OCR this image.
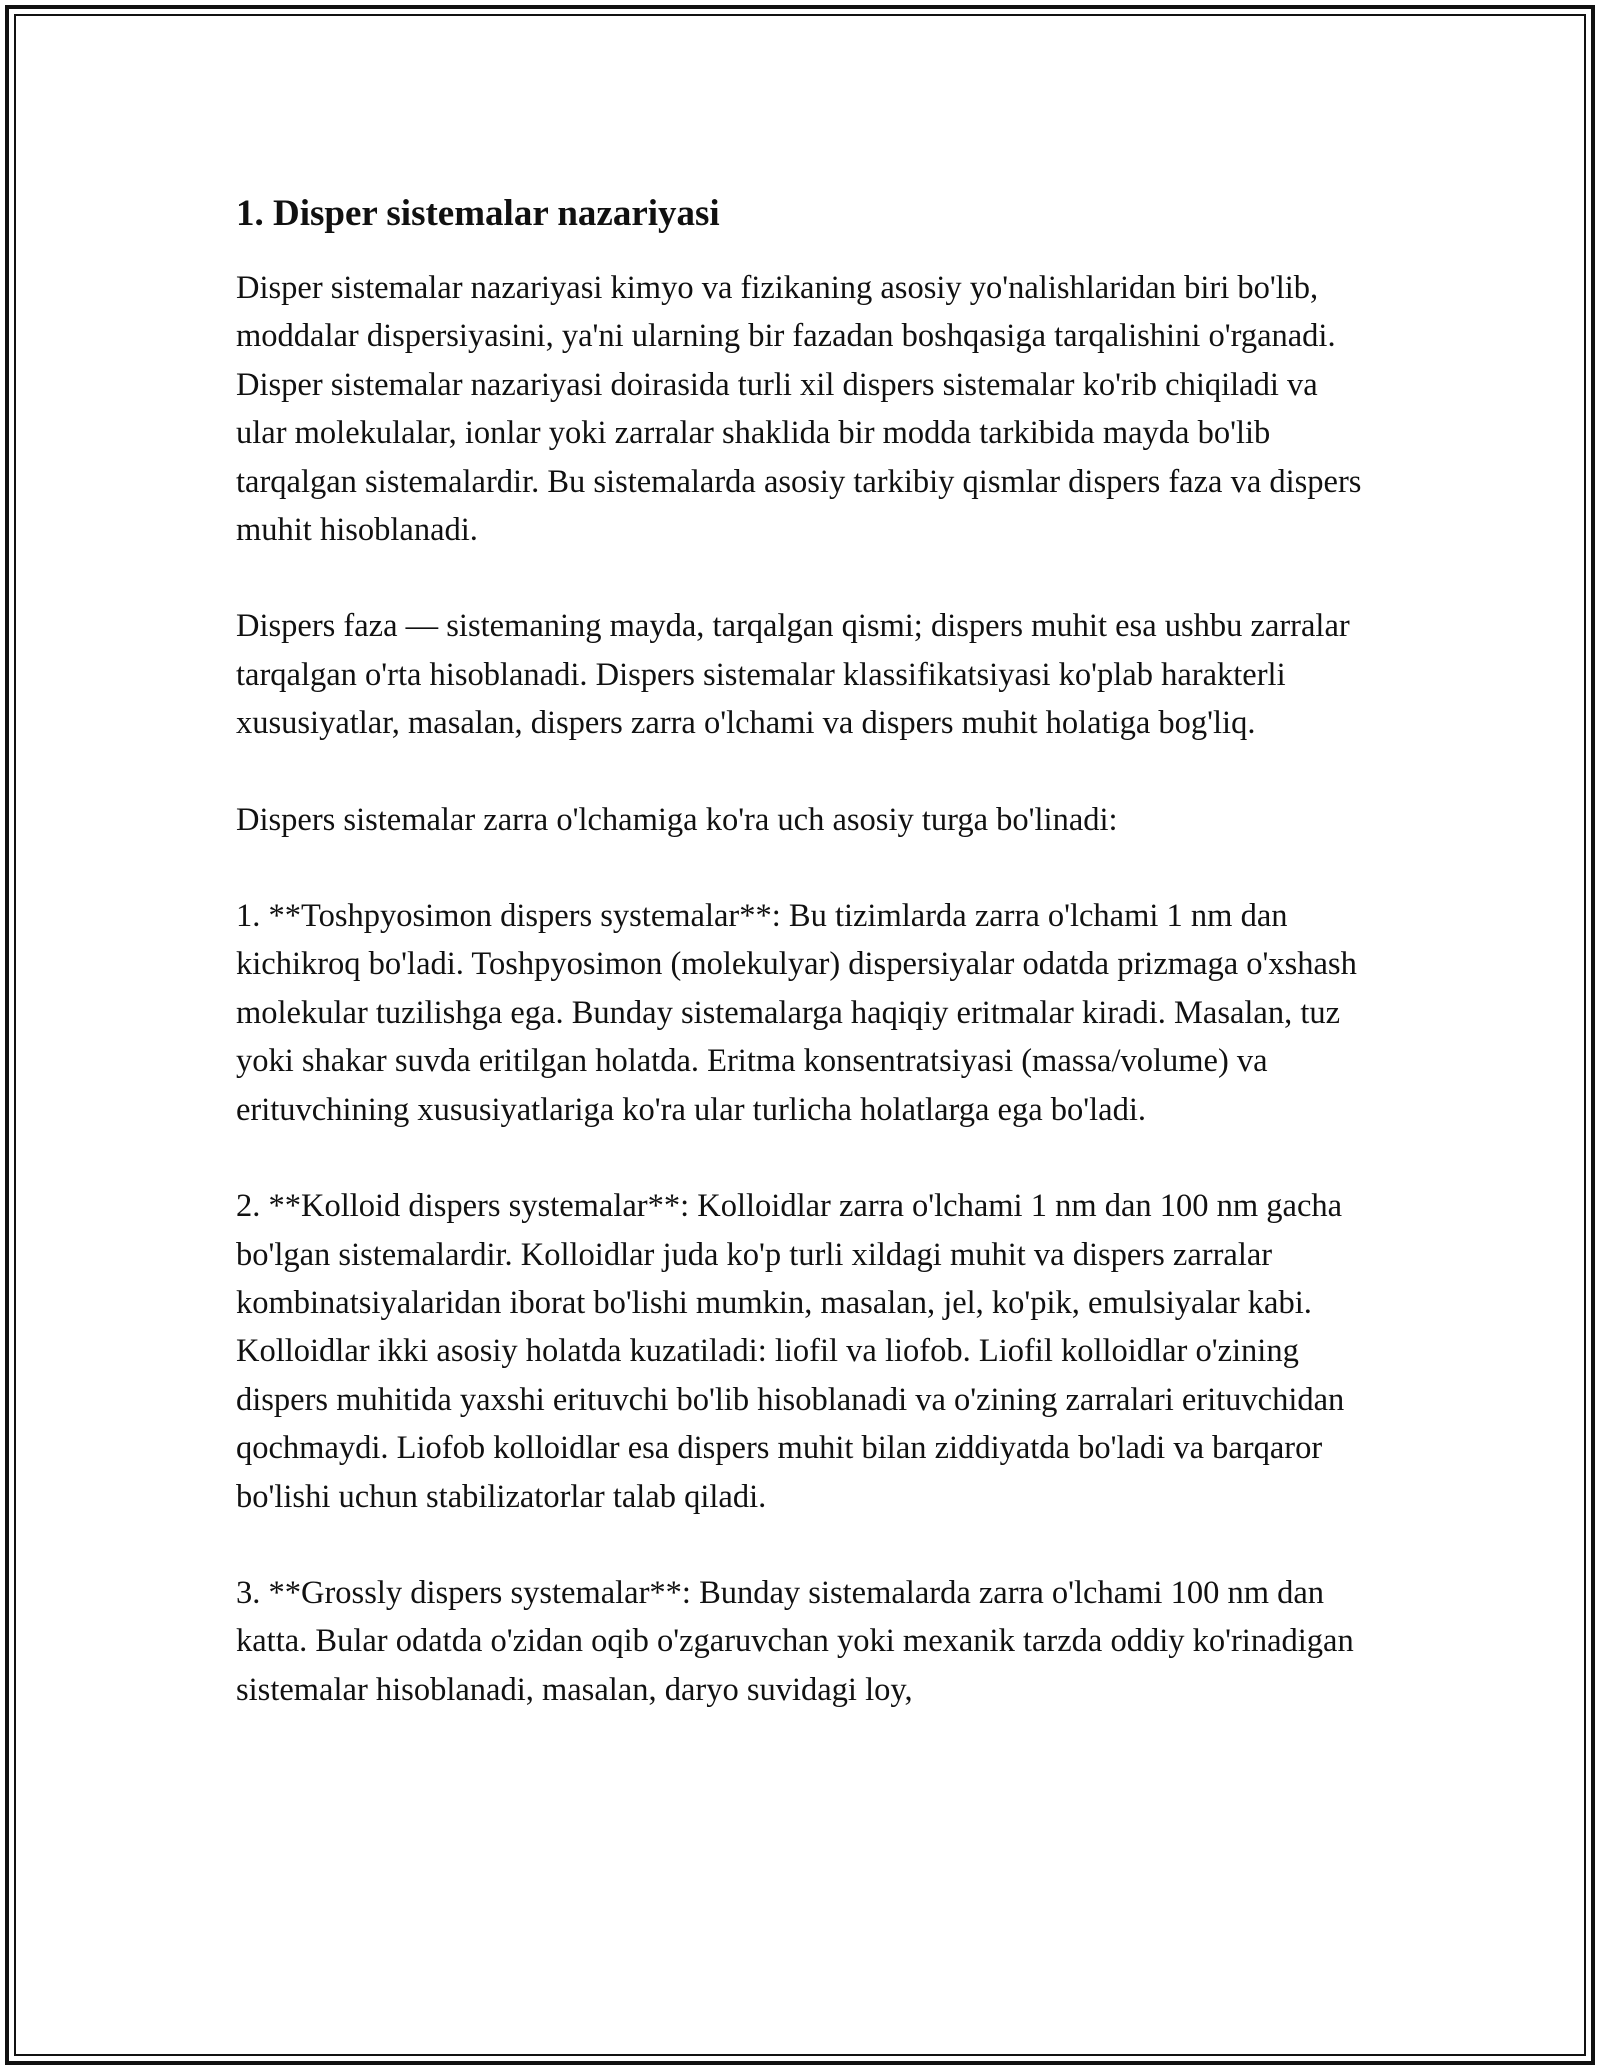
1. Disper sistemalar nazariyasi

Disper sistemalar nazariyasi kimyo va fizikaning asosiy yo'nalishlaridan biri bo'lib, moddalar dispersiyasini, ya'ni ularning bir fazadan boshqasiga tarqalishini o'rganadi. Disper sistemalar nazariyasi doirasida turli xil dispers sistemalar ko'rib chiqiladi va ular molekulalar, ionlar yoki zarralar shaklida bir modda tarkibida mayda bo'lib tarqalgan sistemalardir. Bu sistemalarda asosiy tarkibiy qismlar dispers faza va dispers muhit hisoblanadi.

Dispers faza — sistemaning mayda, tarqalgan qismi; dispers muhit esa ushbu zarralar tarqalgan o'rta hisoblanadi. Dispers sistemalar klassifikatsiyasi ko'plab harakterli xususiyatlar, masalan, dispers zarra o'lchami va dispers muhit holatiga bog'liq.

Dispers sistemalar zarra o'lchamiga ko'ra uch asosiy turga bo'linadi:

1. **Toshpyosimon dispers systemalar**: Bu tizimlarda zarra o'lchami 1 nm dan kichikroq bo'ladi. Toshpyosimon (molekulyar) dispersiyalar odatda prizmaga o'xshash molekular tuzilishga ega. Bunday sistemalarga haqiqiy eritmalar kiradi. Masalan, tuz yoki shakar suvda eritilgan holatda. Eritma konsentratsiyasi (massa/volume) va erituvchining xususiyatlariga ko'ra ular turlicha holatlarga ega bo'ladi.

2. **Kolloid dispers systemalar**: Kolloidlar zarra o'lchami 1 nm dan 100 nm gacha bo'lgan sistemalardir. Kolloidlar juda ko'p turli xildagi muhit va dispers zarralar kombinatsiyalaridan iborat bo'lishi mumkin, masalan, jel, ko'pik, emulsiyalar kabi. Kolloidlar ikki asosiy holatda kuzatiladi: liofil va liofob. Liofil kolloidlar o'zining dispers muhitida yaxshi erituvchi bo'lib hisoblanadi va o'zining zarralari erituvchidan qochmaydi. Liofob kolloidlar esa dispers muhit bilan ziddiyatda bo'ladi va barqaror bo'lishi uchun stabilizatorlar talab qiladi.

3. **Grossly dispers systemalar**: Bunday sistemalarda zarra o'lchami 100 nm dan katta. Bular odatda o'zidan oqib o'zgaruvchan yoki mexanik tarzda oddiy ko'rinadigan sistemalar hisoblanadi, masalan, daryo suvidagi loy,
